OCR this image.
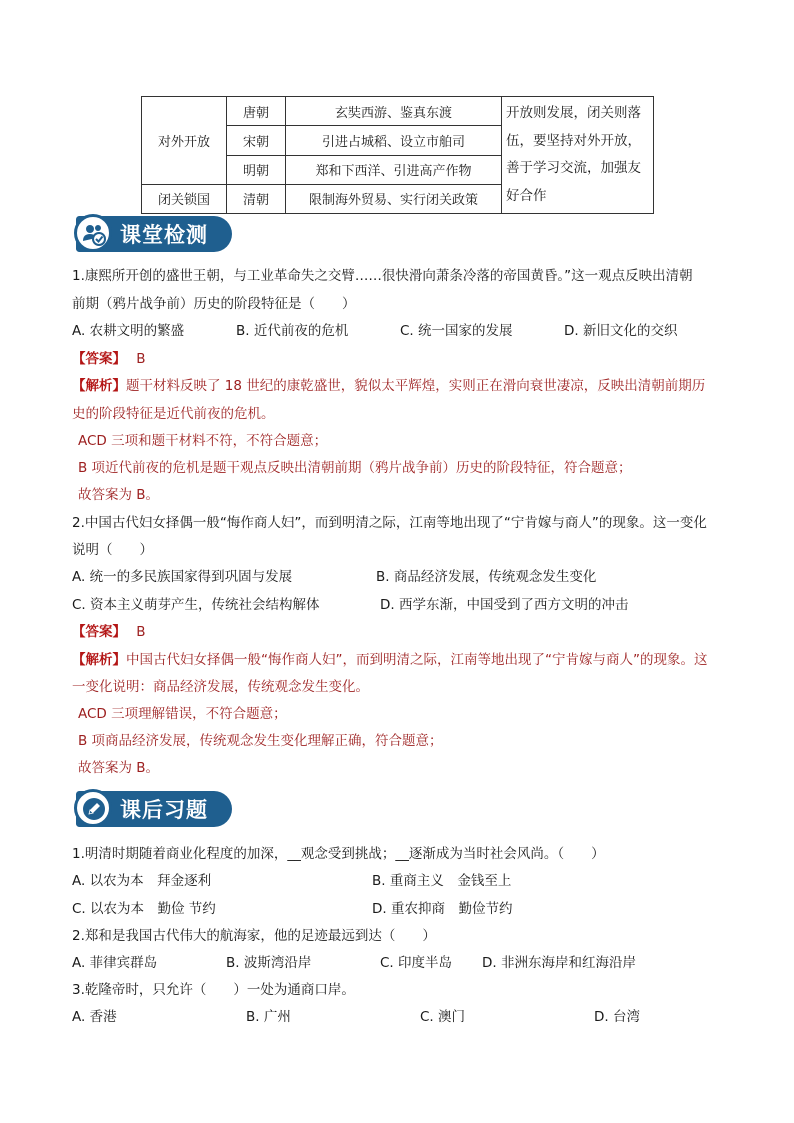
对外开放	唐朝	玄奘西游、鉴真东渡	开放则发展，闭关则落伍，要坚持对外开放，善于学习交流，加强友好合作
	宋朝	引进占城稻、设立市舶司	
	明朝	郑和下西洋、引进高产作物	
闭关锁国	清朝	限制海外贸易、实行闭关政策	
课堂检测
1.康熙所开创的盛世王朝，与工业革命失之交臂……很快滑向萧条冷落的帝国黄昏。”这一观点反映出清朝
前期（鸦片战争前）历史的阶段特征是（　　）
A. 农耕文明的繁盛	B. 近代前夜的危机	C. 统一国家的发展	D. 新旧文化的交织
【答案】 B
【解析】题干材料反映了 18 世纪的康乾盛世，貌似太平辉煌，实则正在滑向衰世凄凉，反映出清朝前期历
史的阶段特征是近代前夜的危机。
ACD 三项和题干材料不符，不符合题意；
B 项近代前夜的危机是题干观点反映出清朝前期（鸦片战争前）历史的阶段特征，符合题意；
故答案为 B。
2.中国古代妇女择偶一般“悔作商人妇”，而到明清之际，江南等地出现了“宁肯嫁与商人”的现象。这一变化
说明（　　）
A. 统一的多民族国家得到巩固与发展	B. 商品经济发展，传统观念发生变化
C. 资本主义萌芽产生，传统社会结构解体	D. 西学东渐，中国受到了西方文明的冲击
【答案】 B
【解析】中国古代妇女择偶一般“悔作商人妇”，而到明清之际，江南等地出现了“宁肯嫁与商人”的现象。这
一变化说明：商品经济发展，传统观念发生变化。
ACD 三项理解错误，不符合题意；
B 项商品经济发展，传统观念发生变化理解正确，符合题意；
故答案为 B。
课后习题
1.明清时期随着商业化程度的加深，__观念受到挑战；__逐渐成为当时社会风尚。（　　）
A. 以农为本　拜金逐利	B. 重商主义　金钱至上
C. 以农为本　勤俭 节约	D. 重农抑商　勤俭节约
2.郑和是我国古代伟大的航海家，他的足迹最远到达（　　）
A. 菲律宾群岛	B. 波斯湾沿岸	C. 印度半岛 D. 非洲东海岸和红海沿岸
3.乾隆帝时，只允许（　　）一处为通商口岸。
A. 香港	B. 广州	C. 澳门	D. 台湾
